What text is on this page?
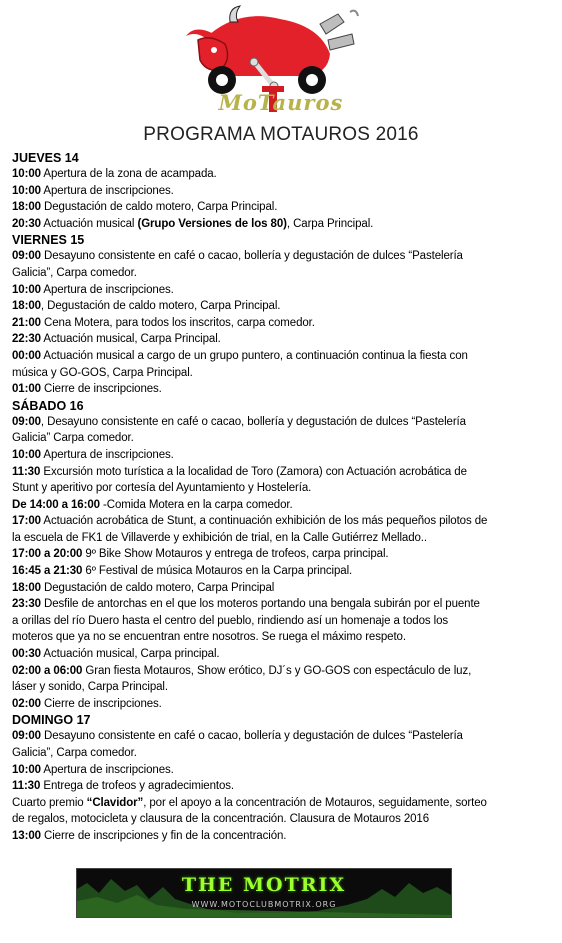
MoTauros
PROGRAMA MOTAUROS 2016
JUEVES 14
10:00 Apertura de la zona de acampada.
10:00 Apertura de inscripciones.
18:00 Degustación de caldo motero, Carpa Principal.
20:30 Actuación musical (Grupo Versiones de los 80), Carpa Principal.
VIERNES 15
09:00 Desayuno consistente en café o cacao, bollería y degustación de dulces “Pastelería
Galicia”, Carpa comedor.
10:00 Apertura de inscripciones.
18:00, Degustación de caldo motero, Carpa Principal.
21:00 Cena Motera, para todos los inscritos, carpa comedor.
22:30 Actuación musical, Carpa Principal.
00:00 Actuación musical a cargo de un grupo puntero, a continuación continua la fiesta con
música y GO-GOS, Carpa Principal.
01:00 Cierre de inscripciones.
SÁBADO 16
09:00, Desayuno consistente en café o cacao, bollería y degustación de dulces “Pastelería
Galicia” Carpa comedor.
10:00 Apertura de inscripciones.
11:30 Excursión moto turística a la localidad de Toro (Zamora) con Actuación acrobática de
Stunt y aperitivo por cortesía del Ayuntamiento y Hostelería.
De 14:00 a 16:00 -Comida Motera en la carpa comedor.
17:00 Actuación acrobática de Stunt, a continuación exhibición de los más pequeños pilotos de
la escuela de FK1 de Villaverde y exhibición de trial, en la Calle Gutiérrez Mellado..
17:00 a 20:00 9º Bike Show Motauros y entrega de trofeos, carpa principal.
16:45 a 21:30 6º Festival de música Motauros en la Carpa principal.
18:00 Degustación de caldo motero, Carpa Principal
23:30 Desfile de antorchas en el que los moteros portando una bengala subirán por el puente
a orillas del río Duero hasta el centro del pueblo, rindiendo así un homenaje a todos los
moteros que ya no se encuentran entre nosotros. Se ruega el máximo respeto.
00:30 Actuación musical, Carpa principal.
02:00 a 06:00 Gran fiesta Motauros, Show erótico, DJ´s y GO-GOS con espectáculo de luz,
láser y sonido, Carpa Principal.
02:00 Cierre de inscripciones.
DOMINGO 17
09:00 Desayuno consistente en café o cacao, bollería y degustación de dulces “Pastelería
Galicia”, Carpa comedor.
10:00 Apertura de inscripciones.
11:30 Entrega de trofeos y agradecimientos.
Cuarto premio “Clavidor”, por el apoyo a la concentración de Motauros, seguidamente, sorteo
de regalos, motocicleta y clausura de la concentración. Clausura de Motauros 2016
13:00 Cierre de inscripciones y fin de la concentración.
THE MOTRIX
WWW.MOTOCLUBMOTRIX.ORG
